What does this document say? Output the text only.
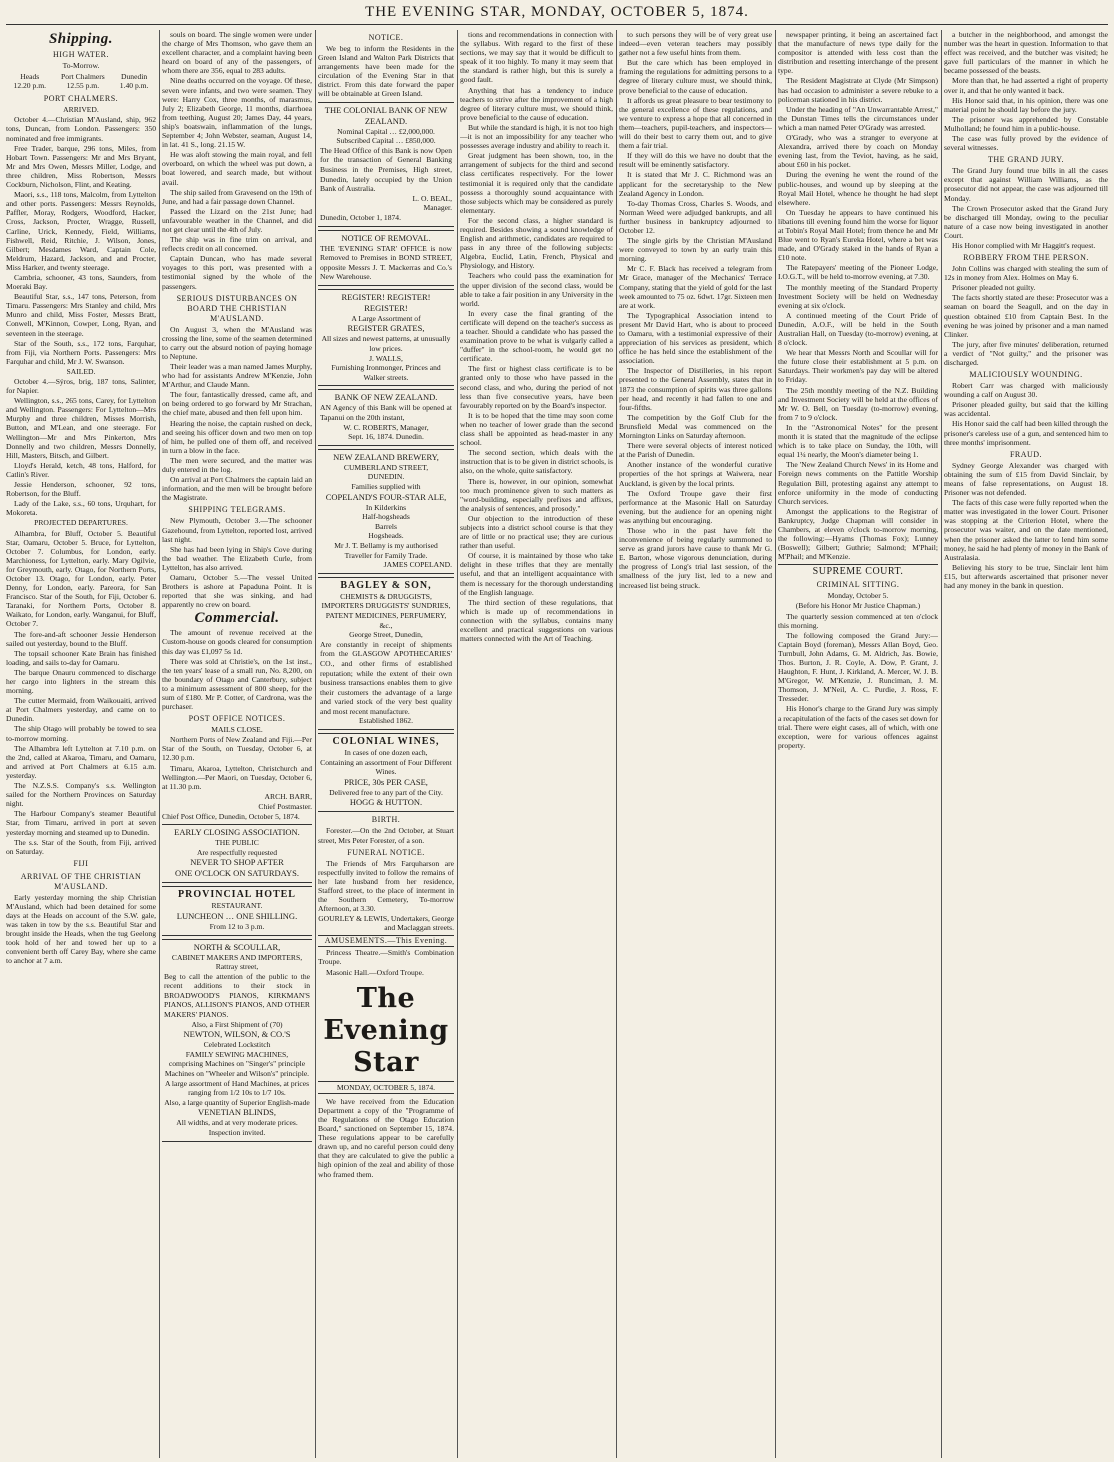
THE EVENING STAR, MONDAY, OCTOBER 5, 1874.
Shipping.
HIGH WATER.
To-Morrow.
Heads
12.20 p.m.
Port Chalmers
12.55 p.m.
Dunedin
1.40 p.m.
PORT CHALMERS.
ARRIVED.

October 4.—Christian M'Ausland, ship, 962 tons, Duncan, from London. Passengers: 350 nominated and free immigrants.

Free Trader, barque, 296 tons, Miles, from Hobart Town. Passengers: Mr and Mrs Bryant, Mr and Mrs Owen, Messrs Miller, Lodge, and three children, Miss Robertson, Messrs Cockburn, Nicholson, Flint, and Keating.

Maori, s.s., 118 tons, Malcolm, from Lyttelton and other ports. Passengers: Messrs Reynolds, Paffler, Moray, Rodgers, Woodford, Hacker, Cross, Jackson, Procter, Wragge, Russell, Carline, Urick, Kennedy, Field, Williams, Fishwell, Reid, Ritchie, J. Wilson, Jones, Gilbert; Mesdames Ward, Captain Cole, Meldrum, Hazard, Jackson, and and Procter, Miss Harker, and twenty steerage.

Cambria, schooner, 43 tons, Saunders, from Moeraki Bay.

Beautiful Star, s.s., 147 tons, Peterson, from Timaru. Passengers: Mrs Stanley and child, Mrs Munro and child, Miss Foster, Messrs Bratt, Conwell, M'Kinnon, Cowper, Long, Ryan, and seventeen in the steerage.

Star of the South, s.s., 172 tons, Farquhar, from Fiji, via Northern Ports. Passengers: Mrs Farquhar and child, Mr J. W. Swanson.

SAILED.

October 4.—Sýros, brig, 187 tons, Salinter, for Napier.

Wellington, s.s., 265 tons, Carey, for Lyttelton and Wellington. Passengers: For Lyttelton—Mrs Murphy and three children, Misses Morrish, Button, and M'Lean, and one steerage. For Wellington—Mr and Mrs Pinkerton, Mrs Donnelly and two children, Messrs Donnelly, Hill, Masters, Bitsch, and Gilbert.

Lloyd's Herald, ketch, 48 tons, Halford, for Catlin's River.

Jessie Henderson, schooner, 92 tons, Robertson, for the Bluff.

Lady of the Lake, s.s., 60 tons, Urquhart, for Mokoreta.

PROJECTED DEPARTURES.

Alhambra, for Bluff, October 5. Beautiful Star, Oamaru, October 5. Bruce, for Lyttelton, October 7. Columbus, for London, early. Marchioness, for Lyttelton, early. Mary Ogilvie, for Greymouth, early. Otago, for Northern Ports, October 13. Otago, for London, early. Peter Denny, for London, early. Pareora, for San Francisco. Star of the South, for Fiji, October 6. Taranaki, for Northern Ports, October 8. Waikato, for London, early. Wanganui, for Bluff, October 7.

The fore-and-aft schooner Jessie Henderson sailed out yesterday, bound to the Bluff.

The topsail schooner Kate Brain has finished loading, and sails to-day for Oamaru.

The barque Onauru commenced to discharge her cargo into lighters in the stream this morning.

The cutter Mermaid, from Waikouaiti, arrived at Port Chalmers yesterday, and came on to Dunedin.

The ship Otago will probably be towed to sea to-morrow morning.

The Alhambra left Lyttelton at 7.10 p.m. on the 2nd, called at Akaroa, Timaru, and Oamaru, and arrived at Port Chalmers at 6.15 a.m. yesterday.

The N.Z.S.S. Company's s.s. Wellington sailed for the Northern Provinces on Saturday night.

The Harbour Company's steamer Beautiful Star, from Timaru, arrived in port at seven yesterday morning and steamed up to Dunedin.

The s.s. Star of the South, from Fiji, arrived on Saturday.

FIJI
ARRIVAL OF THE CHRISTIAN M'AUSLAND.

Early yesterday morning the ship Christian M'Ausland, which had been detained for some days at the Heads on account of the S.W. gale, was taken in tow by the s.s. Beautiful Star and brought inside the Heads, when the tug Geelong took hold of her and towed her up to a convenient berth off Carey Bay, where she came to anchor at 7 a.m.

souls on board. The single women were under the charge of Mrs Thomson, who gave them an excellent character, and a complaint having been heard on board of any of the passengers, of whom there are 356, equal to 283 adults.

Nine deaths occurred on the voyage. Of these, seven were infants, and two were seamen. They were: Harry Cox, three months, of marasmus, July 2; Elizabeth George, 11 months, diarrhoea from teething, August 20; James Day, 44 years, ship's boatswain, inflammation of the lungs, September 4; John Webster, seaman, August 14, in lat. 41 S., long. 21.15 W.

He was aloft stowing the main royal, and fell overboard, on which the wheel was put down, a boat lowered, and search made, but without avail.

The ship sailed from Gravesend on the 19th of June, and had a fair passage down Channel.

Passed the Lizard on the 21st June; had unfavourable weather in the Channel, and did not get clear until the 4th of July.

The ship was in fine trim on arrival, and reflects credit on all concerned.

Captain Duncan, who has made several voyages to this port, was presented with a testimonial signed by the whole of the passengers.

SERIOUS DISTURBANCES ON BOARD THE CHRISTIAN M'AUSLAND.

On August 3, when the M'Ausland was crossing the line, some of the seamen determined to carry out the absurd notion of paying homage to Neptune.

Their leader was a man named James Murphy, who had for assistants Andrew M'Kenzie, John M'Arthur, and Claude Mann.

The four, fantastically dressed, came aft, and on being ordered to go forward by Mr Strachan, the chief mate, abused and then fell upon him.

Hearing the noise, the captain rushed on deck, and seeing his officer down and two men on top of him, he pulled one of them off, and received in turn a blow in the face.

The men were secured, and the matter was duly entered in the log.

On arrival at Port Chalmers the captain laid an information, and the men will be brought before the Magistrate.

SHIPPING TELEGRAMS.

New Plymouth, October 3.—The schooner Gazehound, from Lyttelton, reported lost, arrived last night.

She has had been lying in Ship's Cove during the bad weather. The Elizabeth Curle, from Lyttelton, has also arrived.

Oamaru, October 5.—The vessel United Brothers is ashore at Papaduna Point. It is reported that she was sinking, and had apparently no crew on board.

Commercial.

The amount of revenue received at the Custom-house on goods cleared for consumption this day was £1,097 5s 1d.

There was sold at Christie's, on the 1st inst., the ten years' lease of a small run, No. 8,200, on the boundary of Otago and Canterbury, subject to a minimum assessment of 800 sheep, for the sum of £180. Mr P. Cotter, of Cardrona, was the purchaser.

POST OFFICE NOTICES.
MAILS CLOSE.

Northern Ports of New Zealand and Fiji.—Per Star of the South, on Tuesday, October 6, at 12.30 p.m.

Timaru, Akaroa, Lyttelton, Christchurch and Wellington.—Per Maori, on Tuesday, October 6, at 11.30 p.m.

ARCH. BARR,
Chief Postmaster.
Chief Post Office, Dunedin, October 5, 1874.
EARLY CLOSING ASSOCIATION.
THE PUBLIC
Are respectfully requested
NEVER TO SHOP AFTER
ONE O'CLOCK ON SATURDAYS.
PROVINCIAL HOTEL
RESTAURANT.
LUNCHEON … ONE SHILLING.
From 12 to 3 p.m.
NORTH & SCOULLAR,
CABINET MAKERS AND IMPORTERS, Rattray street,
Beg to call the attention of the public to the recent additions to their stock in BROADWOOD'S PIANOS, KIRKMAN'S PIANOS, ALLISON'S PIANOS, AND OTHER MAKERS' PIANOS.
Also, a First Shipment of (70)
NEWTON, WILSON, & CO.'S
Celebrated Lockstitch
FAMILY SEWING MACHINES,
comprising Machines on "Singer's" principle Machines on "Wheeler and Wilson's" principle.
A large assortment of Hand Machines, at prices ranging from 1/2 10s to 1/7 10s.
Also, a large quantity of Superior English-made
VENETIAN BLINDS,
All widths, and at very moderate prices.
Inspection invited.
NOTICE.

We beg to inform the Residents in the Green Island and Walton Park Districts that arrangements have been made for the circulation of the Evening Star in that district. From this date forward the paper will be obtainable at Green Island.

THE COLONIAL BANK OF NEW ZEALAND.
Nominal Capital … £2,000,000.
Subscribed Capital … £850,000.
The Head Office of this Bank is now Open for the transaction of General Banking Business in the Premises, High street, Dunedin, lately occupied by the Union Bank of Australia.
L. O. BEAL,
Manager.
Dunedin, October 1, 1874.
NOTICE OF REMOVAL.
THE 'EVENING STAR' OFFICE is now Removed to Premises in BOND STREET, opposite Messrs J. T. Mackerras and Co.'s New Warehouse.
REGISTER! REGISTER! REGISTER!
A Large Assortment of
REGISTER GRATES,
All sizes and newest patterns, at unusually low prices.
J. WALLS,
Furnishing Ironmonger, Princes and Walker streets.
BANK OF NEW ZEALAND.
AN Agency of this Bank will be opened at Tapanui on the 20th instant,
W. C. ROBERTS, Manager,
Sept. 16, 1874. Dunedin.
NEW ZEALAND BREWERY,
CUMBERLAND STREET,
DUNEDIN.
Families supplied with
COPELAND'S FOUR-STAR ALE,
In Kilderkins
Half-hogsheads
Barrels
Hogsheads.
Mr J. T. Bellamy is my authorised Traveller for Family Trade.
JAMES COPELAND.
BAGLEY & SON,
CHEMISTS & DRUGGISTS,
IMPORTERS DRUGGISTS' SUNDRIES, PATENT MEDICINES, PERFUMERY, &c.,
George Street, Dunedin,
Are constantly in receipt of shipments from the GLASGOW APOTHECARIES' CO., and other firms of established reputation; while the extent of their own business transactions enables them to give their customers the advantage of a large and varied stock of the very best quality and most recent manufacture.
Established 1862.
COLONIAL WINES,
In cases of one dozen each,
Containing an assortment of Four Different Wines.
PRICE, 30s PER CASE,
Delivered free to any part of the City.
HOGG & HUTTON.
BIRTH.

Forester.—On the 2nd October, at Stuart street, Mrs Peter Forester, of a son.

FUNERAL NOTICE.

The Friends of Mrs Farquharson are respectfully invited to follow the remains of her late husband from her residence, Stafford street, to the place of interment in the Southern Cemetery, To-morrow Afternoon, at 3.30.

GOURLEY & LEWIS, Undertakers, George and Maclaggan streets.
AMUSEMENTS.—This Evening.

Princess Theatre.—Smith's Combination Troupe.

Masonic Hall.—Oxford Troupe.

The Evening Star
MONDAY, OCTOBER 5, 1874.

We have received from the Education Department a copy of the "Programme of the Regulations of the Otago Education Board," sanctioned on September 15, 1874. These regulations appear to be carefully drawn up, and no careful person could deny that they are calculated to give the public a high opinion of the zeal and ability of those who framed them.

tions and recommendations in connection with the syllabus. With regard to the first of these sections, we may say that it would be difficult to speak of it too highly. To many it may seem that the standard is rather high, but this is surely a good fault.

Anything that has a tendency to induce teachers to strive after the improvement of a high degree of literary culture must, we should think, prove beneficial to the cause of education.

But while the standard is high, it is not too high—it is not an impossibility for any teacher who possesses average industry and ability to reach it.

Great judgment has been shown, too, in the arrangement of subjects for the third and second class certificates respectively. For the lower testimonial it is required only that the candidate possess a thoroughly sound acquaintance with those subjects which may be considered as purely elementary.

For the second class, a higher standard is required. Besides showing a sound knowledge of English and arithmetic, candidates are required to pass in any three of the following subjects: Algebra, Euclid, Latin, French, Physical and Physiology, and History.

Teachers who could pass the examination for the upper division of the second class, would be able to take a fair position in any University in the world.

In every case the final granting of the certificate will depend on the teacher's success as a teacher. Should a candidate who has passed the examination prove to be what is vulgarly called a "duffer" in the school-room, he would get no certificate.

The first or highest class certificate is to be granted only to those who have passed in the second class, and who, during the period of not less than five consecutive years, have been favourably reported on by the Board's inspector.

It is to be hoped that the time may soon come when no teacher of lower grade than the second class shall be appointed as head-master in any school.

The second section, which deals with the instruction that is to be given in district schools, is also, on the whole, quite satisfactory.

There is, however, in our opinion, somewhat too much prominence given to such matters as "word-building, especially prefixes and affixes, the analysis of sentences, and prosody."

Our objection to the introduction of these subjects into a district school course is that they are of little or no practical use; they are curious rather than useful.

Of course, it is maintained by those who take delight in these trifles that they are mentally useful, and that an intelligent acquaintance with them is necessary for the thorough understanding of the English language.

The third section of these regulations, that which is made up of recommendations in connection with the syllabus, contains many excellent and practical suggestions on various matters connected with the Art of Teaching.

to such persons they will be of very great use indeed—even veteran teachers may possibly gather not a few useful hints from them.

But the care which has been employed in framing the regulations for admitting persons to a degree of literary culture must, we should think, prove beneficial to the cause of education.

It affords us great pleasure to bear testimony to the general excellence of these regulations, and we venture to express a hope that all concerned in them—teachers, pupil-teachers, and inspectors—will do their best to carry them out, and to give them a fair trial.

If they will do this we have no doubt that the result will be eminently satisfactory.

It is stated that Mr J. C. Richmond was an applicant for the secretaryship to the New Zealand Agency in London.

To-day Thomas Cross, Charles S. Woods, and Norman Weed were adjudged bankrupts, and all further business in bankruptcy adjourned to October 12.

The single girls by the Christian M'Ausland were conveyed to town by an early train this morning.

Mr C. F. Black has received a telegram from Mr Grace, manager of the Mechanics' Terrace Company, stating that the yield of gold for the last week amounted to 75 oz. 6dwt. 17gr. Sixteen men are at work.

The Typographical Association intend to present Mr David Hart, who is about to proceed to Oamaru, with a testimonial expressive of their appreciation of his services as president, which office he has held since the establishment of the association.

The Inspector of Distilleries, in his report presented to the General Assembly, states that in 1873 the consumption of spirits was three gallons per head, and recently it had fallen to one and four-fifths.

The competition by the Golf Club for the Brunsfield Medal was commenced on the Mornington Links on Saturday afternoon.

There were several objects of interest noticed at the Parish of Dunedin.

Another instance of the wonderful curative properties of the hot springs at Waiwera, near Auckland, is given by the local prints.

The Oxford Troupe gave their first performance at the Masonic Hall on Saturday evening, but the audience for an opening night was anything but encouraging.

Those who in the past have felt the inconvenience of being regularly summoned to serve as grand jurors have cause to thank Mr G. E. Barton, whose vigorous denunciation, during the progress of Long's trial last session, of the smallness of the jury list, led to a new and increased list being struck.

newspaper printing, it being an ascertained fact that the manufacture of news type daily for the compositor is attended with less cost than the distribution and resetting interchange of the present type.

The Resident Magistrate at Clyde (Mr Simpson) has had occasion to administer a severe rebuke to a policeman stationed in his district.

Under the heading of "An Unwarrantable Arrest," the Dunstan Times tells the circumstances under which a man named Peter O'Grady was arrested.

O'Grady, who was a stranger to everyone at Alexandra, arrived there by coach on Monday evening last, from the Teviot, having, as he said, about £60 in his pocket.

During the evening he went the round of the public-houses, and wound up by sleeping at the Royal Mail Hotel, whence he thought he had slept elsewhere.

On Tuesday he appears to have continued his libations till evening found him the worse for liquor at Tobin's Royal Mail Hotel; from thence he and Mr Blue went to Ryan's Eureka Hotel, where a bet was made, and O'Grady staked in the hands of Ryan a £10 note.

The Ratepayers' meeting of the Pioneer Lodge, I.O.G.T., will be held to-morrow evening, at 7.30.

The monthly meeting of the Standard Property Investment Society will be held on Wednesday evening at six o'clock.

A continued meeting of the Court Pride of Dunedin, A.O.F., will be held in the South Australian Hall, on Tuesday (to-morrow) evening, at 8 o'clock.

We hear that Messrs North and Scoullar will for the future close their establishment at 5 p.m. on Saturdays. Their workmen's pay day will be altered to Friday.

The 25th monthly meeting of the N.Z. Building and Investment Society will be held at the offices of Mr W. O. Bell, on Tuesday (to-morrow) evening, from 7 to 9 o'clock.

In the "Astronomical Notes" for the present month it is stated that the magnitude of the eclipse which is to take place on Sunday, the 10th, will equal 1¼ nearly, the Moon's diameter being 1.

The 'New Zealand Church News' in its Home and Foreign news comments on the Pattitle Worship Regulation Bill, protesting against any attempt to enforce uniformity in the mode of conducting Church services.

Amongst the applications to the Registrar of Bankruptcy, Judge Chapman will consider in Chambers, at eleven o'clock to-morrow morning, the following:—Hyams (Thomas Fox); Lunney (Boswell); Gilbert; Guthrie; Salmond; M'Phail; M'Phail; and M'Kenzie.

SUPREME COURT.
CRIMINAL SITTING.
Monday, October 5.
(Before his Honor Mr Justice Chapman.)

The quarterly session commenced at ten o'clock this morning.

The following composed the Grand Jury:—Captain Boyd (foreman), Messrs Allan Boyd, Geo. Turnbull, John Adams, G. M. Aldrich, Jas. Bowie, Thos. Burton, J. R. Coyle, A. Dow, P. Grant, J. Haughton, F. Hunt, J. Kirkland, A. Mercer, W. J. B. M'Gregor, W. M'Kenzie, J. Runciman, J. M. Thomson, J. M'Neil, A. C. Purdie, J. Ross, F. Tresseder.

His Honor's charge to the Grand Jury was simply a recapitulation of the facts of the cases set down for trial. There were eight cases, all of which, with one exception, were for various offences against property.

a butcher in the neighborhood, and amongst the number was the heart in question. Information to that effect was received, and the butcher was visited; he gave full particulars of the manner in which he became possessed of the beasts.

More than that, he had asserted a right of property over it, and that he only wanted it back.

His Honor said that, in his opinion, there was one material point he should lay before the jury.

The prisoner was apprehended by Constable Mulholland; he found him in a public-house.

The case was fully proved by the evidence of several witnesses.

THE GRAND JURY.

The Grand Jury found true bills in all the cases except that against William Williams, as the prosecutor did not appear, the case was adjourned till Monday.

The Crown Prosecutor asked that the Grand Jury be discharged till Monday, owing to the peculiar nature of a case now being investigated in another Court.

His Honor complied with Mr Haggitt's request.

ROBBERY FROM THE PERSON.

John Collins was charged with stealing the sum of 12s in money from Alex. Holmes on May 6.

Prisoner pleaded not guilty.

The facts shortly stated are these: Prosecutor was a seaman on board the Seagull, and on the day in question obtained £10 from Captain Best. In the evening he was joined by prisoner and a man named Clinker.

The jury, after five minutes' deliberation, returned a verdict of "Not guilty," and the prisoner was discharged.

MALICIOUSLY WOUNDING.

Robert Carr was charged with maliciously wounding a calf on August 30.

Prisoner pleaded guilty, but said that the killing was accidental.

His Honor said the calf had been killed through the prisoner's careless use of a gun, and sentenced him to three months' imprisonment.

FRAUD.

Sydney George Alexander was charged with obtaining the sum of £15 from David Sinclair, by means of false representations, on August 18. Prisoner was not defended.

The facts of this case were fully reported when the matter was investigated in the lower Court. Prisoner was stopping at the Criterion Hotel, where the prosecutor was waiter, and on the date mentioned, when the prisoner asked the latter to lend him some money, he said he had plenty of money in the Bank of Australasia.

Believing his story to be true, Sinclair lent him £15, but afterwards ascertained that prisoner never had any money in the bank in question.
